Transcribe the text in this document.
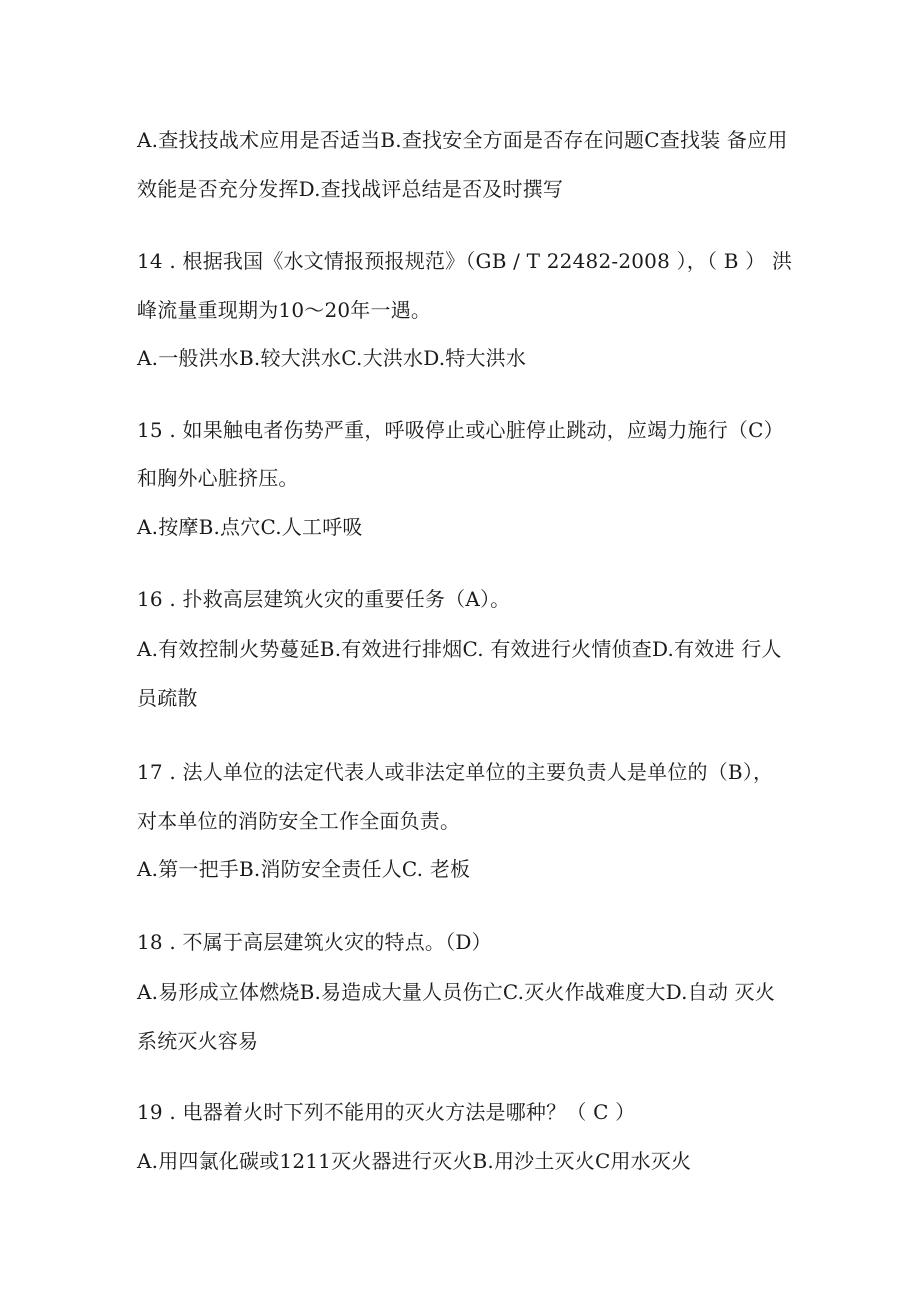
A.查找技战术应用是否适当B.查找安全方面是否存在问题C查找装 备应用
效能是否充分发挥D.查找战评总结是否及时撰写
14 . 根据我国《水文情报预报规范》（GB / T 22482-2008 ），（ B ） 洪
峰流量重现期为10～20年一遇。
A.一般洪水B.较大洪水C.大洪水D.特大洪水
15 . 如果触电者伤势严重，呼吸停止或心脏停止跳动，应竭力施行（C）
和胸外心脏挤压。
A.按摩B.点穴C.人工呼吸
16 . 扑救高层建筑火灾的重要任务（A）。
A.有效控制火势蔓延B.有效进行排烟C. 有效进行火情侦查D.有效进 行人
员疏散
17 . 法人单位的法定代表人或非法定单位的主要负责人是单位的（B），
对本单位的消防安全工作全面负责。
A.第一把手B.消防安全责任人C. 老板
18 . 不属于高层建筑火灾的特点。（D）
A.易形成立体燃烧B.易造成大量人员伤亡C.灭火作战难度大D.自动 灭火
系统灭火容易
19 . 电器着火时下列不能用的灭火方法是哪种？（ C ）
A.用四氯化碳或1211灭火器进行灭火B.用沙土灭火C用水灭火
